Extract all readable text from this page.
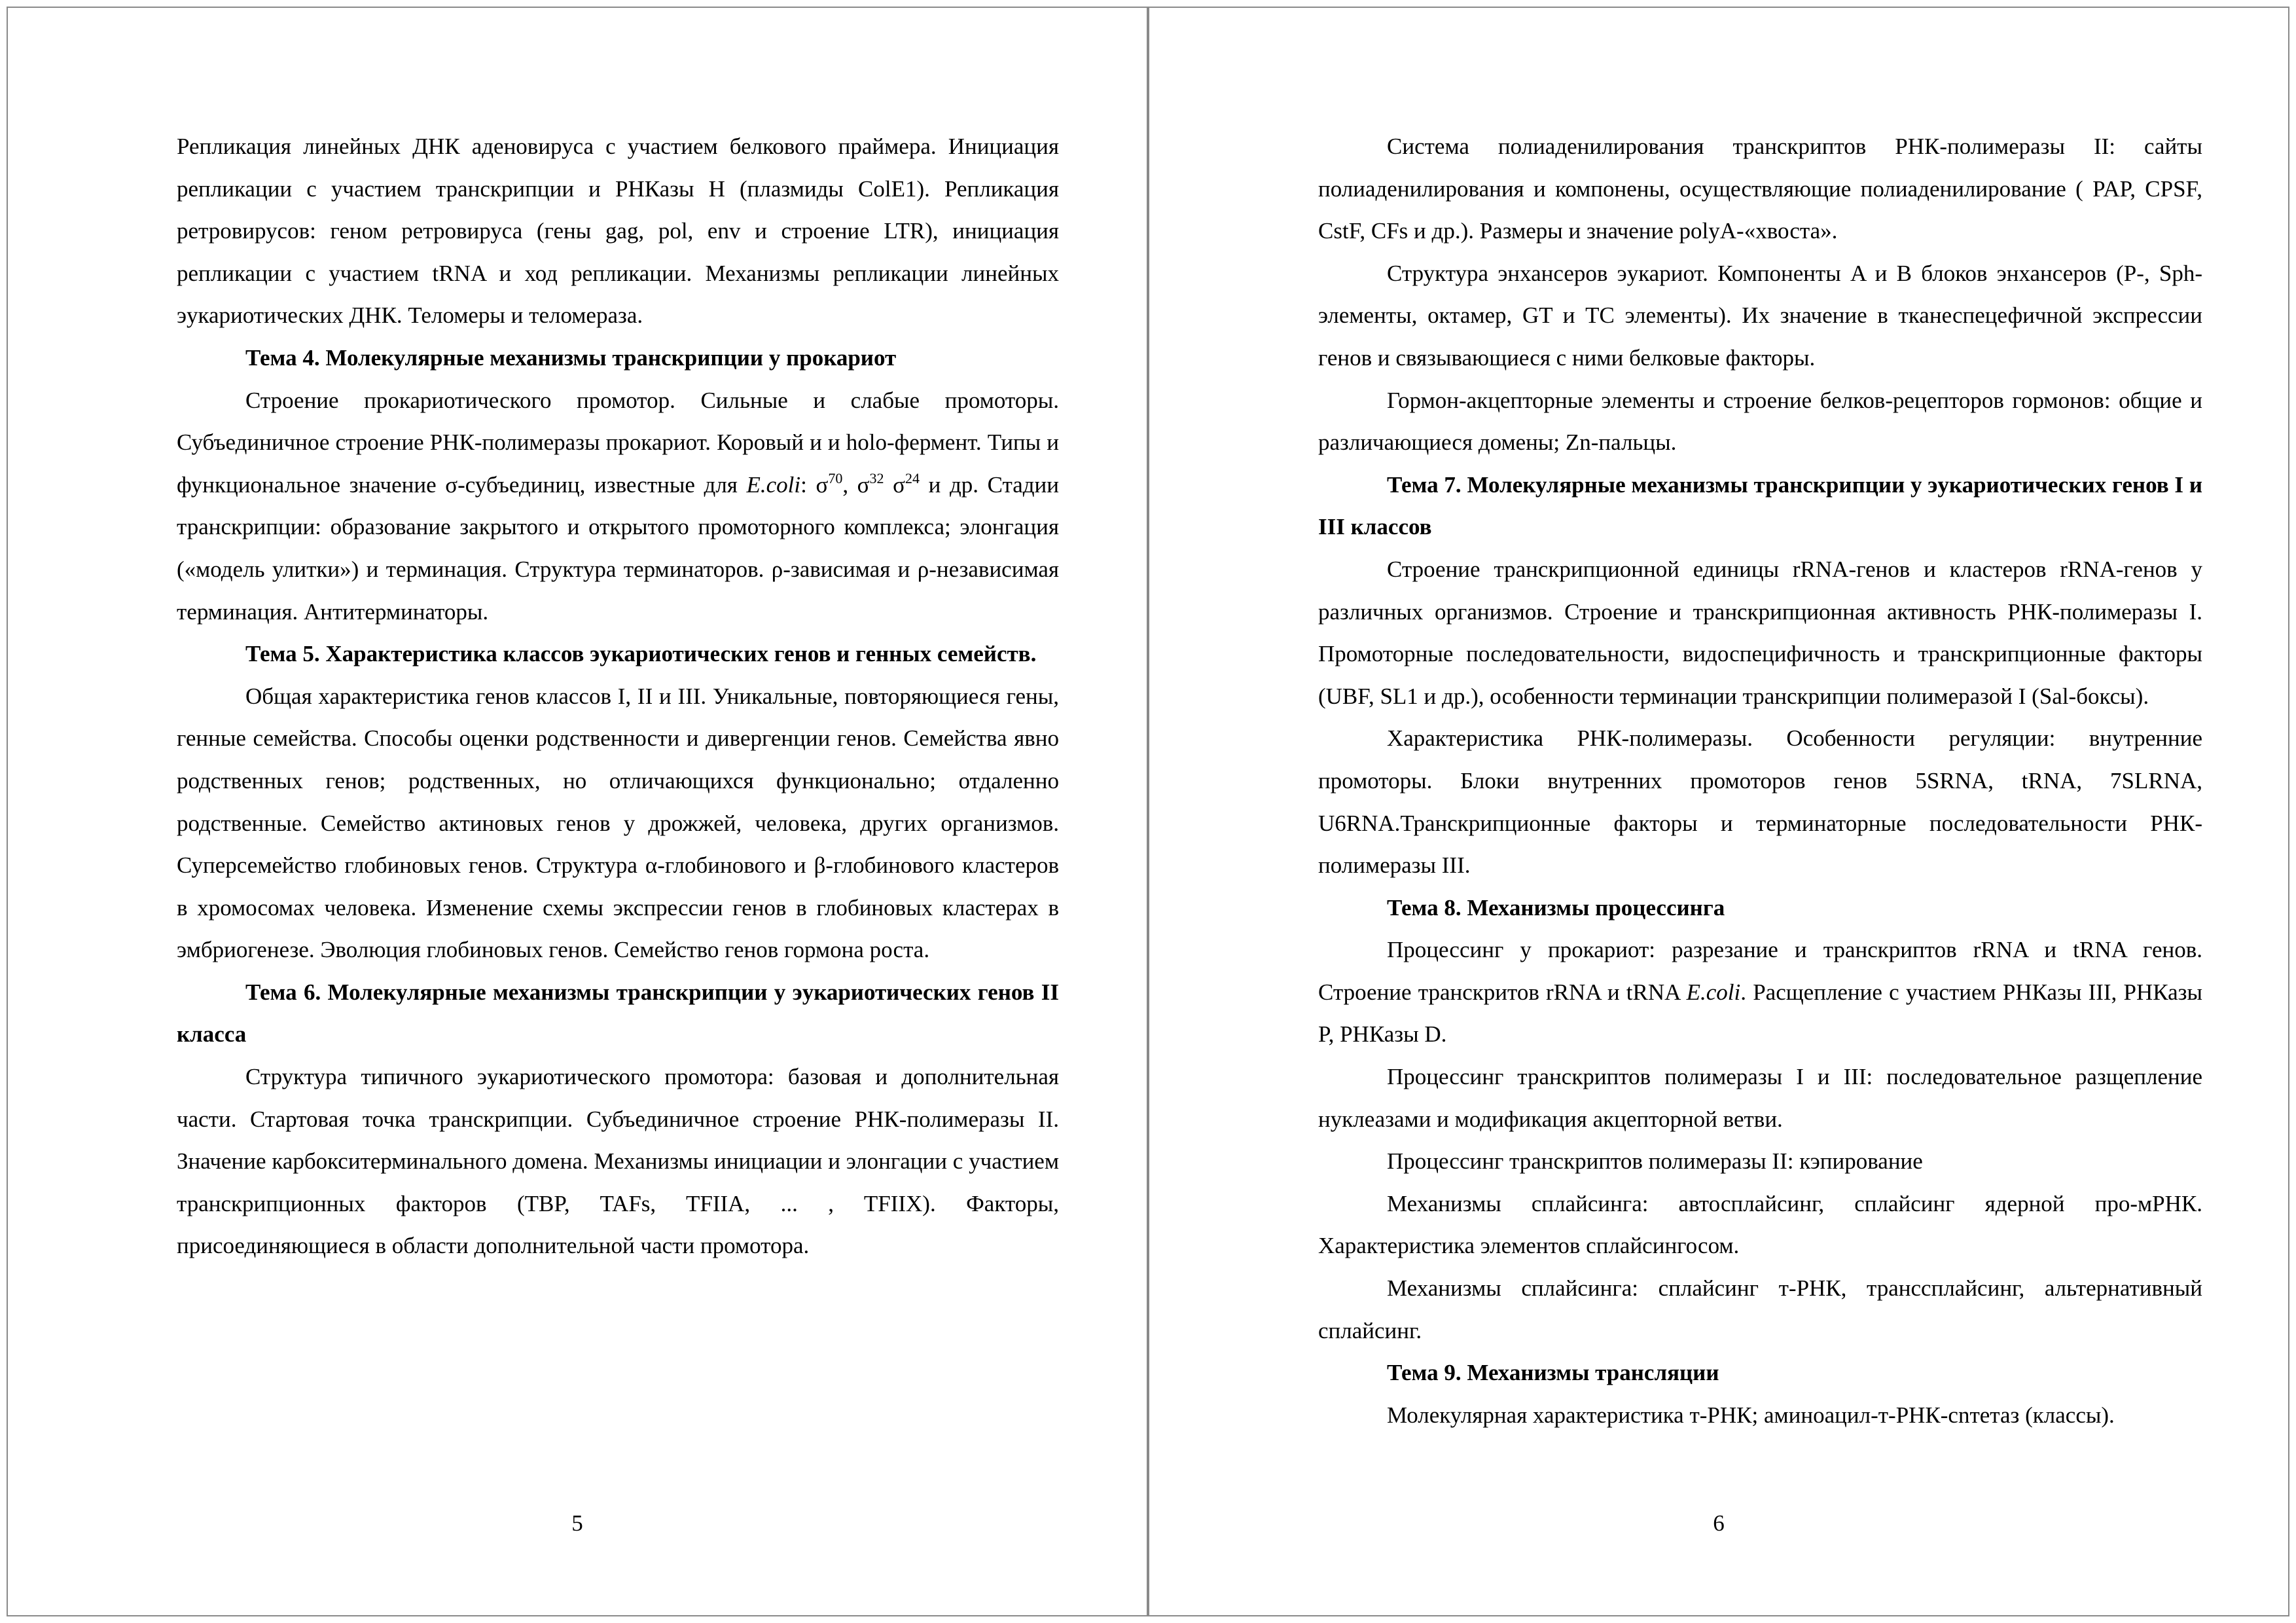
Репликация линейных ДНК аденовируса с участием белкового праймера. Инициация репликации с участием транскрипции и РНКазы Н (плазмиды ColE1). Репликация ретровирусов: геном ретровируса (гены gag, pol, env и строение LTR), инициация репликации с участием tRNA и ход репликации. Механизмы репликации линейных эукариотических ДНК. Теломеры и теломераза.

Тема 4. Молекулярные механизмы транскрипции у прокариот

Строение прокариотического промотор. Сильные и слабые промоторы. Субъединичное строение РНК-полимеразы прокариот. Коровый и и holo-фермент. Типы и функциональное значение σ-субъединиц, известные для E.coli: $\sigma^{70}$, $\sigma^{32}$ $\sigma^{24}$ и др. Стадии транскрипции: образование закрытого и открытого промоторного комплекса; элонгация («модель улитки») и терминация. Структура терминаторов. ρ-зависимая и ρ-независимая терминация. Антитерминаторы.

Тема 5. Характеристика классов эукариотических генов и генных семейств.

Общая характеристика генов классов I, II и III. Уникальные, повторяющиеся гены, генные семейства. Способы оценки родственности и дивергенции генов. Семейства явно родственных генов; родственных, но отличающихся функционально; отдаленно родственные. Семейство актиновых генов у дрожжей, человека, других организмов. Суперсемейство глобиновых генов. Структура α-глобинового и β-глобинового кластеров в хромосомах человека. Изменение схемы экспрессии генов в глобиновых кластерах в эмбриогенезе. Эволюция глобиновых генов. Семейство генов гормона роста.

Тема 6. Молекулярные механизмы транскрипции у эукариотических генов II класса

Структура типичного эукариотического промотора: базовая и дополнительная части. Стартовая точка транскрипции. Субъединичное строение РНК-полимеразы II. Значение карбокситерминального домена. Механизмы инициации и элонгации с участием транскрипционных факторов (TBP, TAFs, TFIIA, ... , TFIIX). Факторы, присоединяющиеся в области дополнительной части промотора.

5

Система полиаденилирования транскриптов РНК-полимеразы II: сайты полиаденилирования и компонены, осуществляющие полиаденилирование ( PAP, CPSF, CstF, CFs и др.). Размеры и значение polyA-«хвоста».

Структура энхансеров эукариот. Компоненты A и B блоков энхансеров (P-, Sph-элементы, октамер, GT и TC элементы). Их значение в тканеспецефичной экспрессии генов и связывающиеся с ними белковые факторы.

Гормон-акцепторные элементы и строение белков-рецепторов гормонов: общие и различающиеся домены; Zn-пальцы.

Тема 7. Молекулярные механизмы транскрипции у эукариотических генов I и III классов

Строение транскрипционной единицы rRNA-генов и кластеров rRNA-генов у различных организмов. Строение и транскрипционная активность РНК-полимеразы I. Промоторные последовательности, видоспецифичность и транскрипционные факторы (UBF, SL1 и др.), особенности терминации транскрипции полимеразой I (Sal-боксы).

Характеристика РНК-полимеразы. Особенности регуляции: внутренние промоторы. Блоки внутренних промоторов генов 5SRNA, tRNA, 7SLRNA, U6RNA.Транскрипционные факторы и терминаторные последовательности РНК-полимеразы III.

Тема 8. Механизмы процессинга

Процессинг у прокариот: разрезание и транскриптов rRNA и tRNA генов. Строение транскритов rRNA и tRNA E.coli. Расщепление с участием РНКазы III, РНКазы P, РНКазы D.

Процессинг транскриптов полимеразы I и III: последовательное разщепление нуклеазами и модификация акцепторной ветви.

Процессинг транскриптов полимеразы II: кэпирование

Механизмы сплайсинга: автосплайсинг, сплайсинг ядерной про-мРНК. Характеристика элементов сплайсингосом.

Механизмы сплайсинга: сплайсинг т-РНК, трансcплайсинг, альтернативный сплайсинг.

Тема 9. Механизмы трансляции

Молекулярная характеристика т-РНК; аминоацил-т-РНК-сnтетаз (классы).

6
